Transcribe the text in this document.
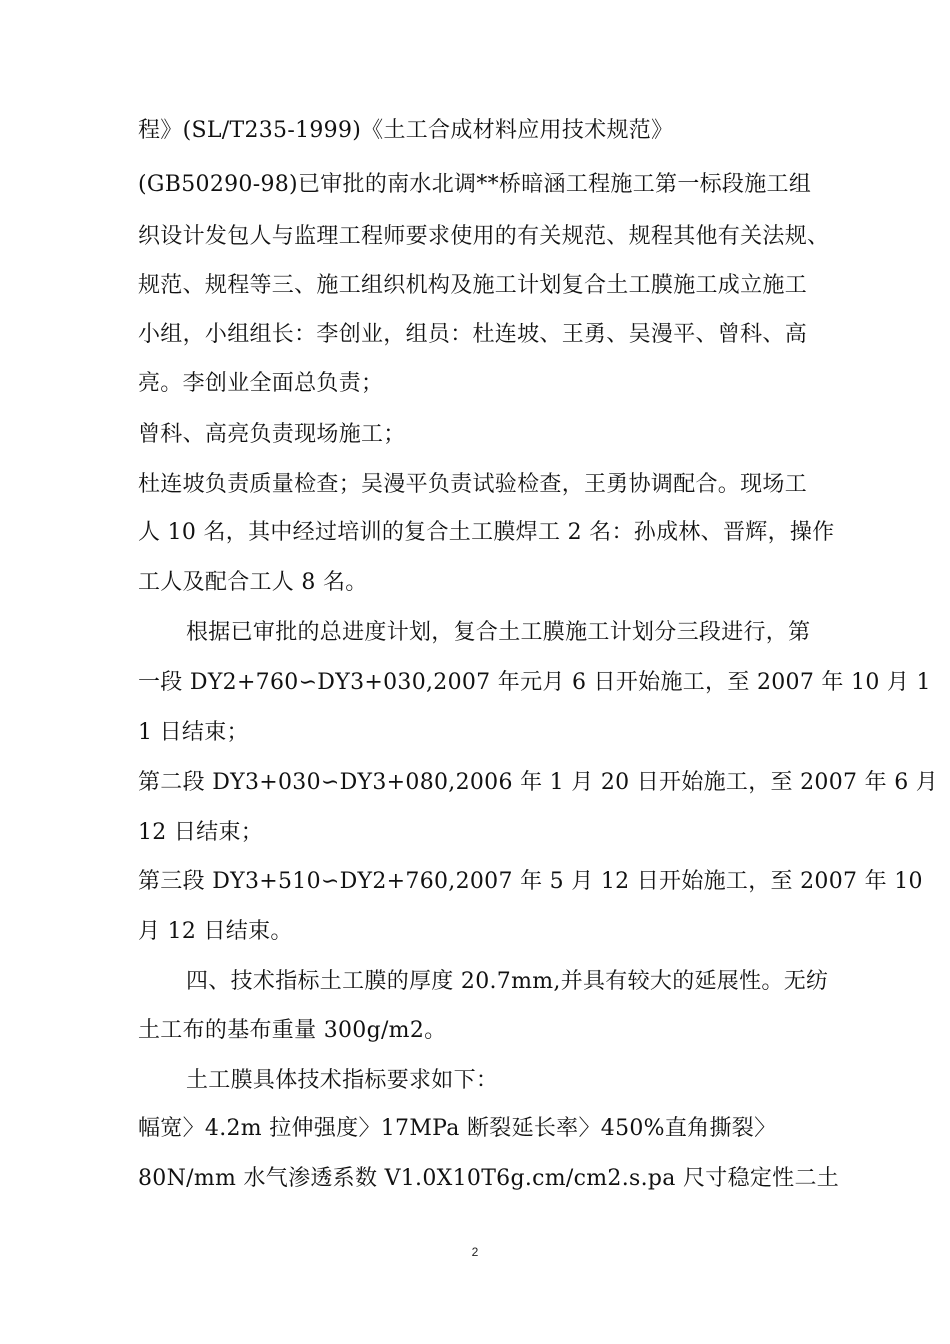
程》(SL/T235-1999)《土工合成材料应用技术规范》
(GB50290-98)已审批的南水北调**桥暗涵工程施工第一标段施工组
织设计发包人与监理工程师要求使用的有关规范、规程其他有关法规、
规范、规程等三、施工组织机构及施工计划复合土工膜施工成立施工
小组，小组组长：李创业，组员：杜连坡、王勇、吴漫平、曾科、高
亮。李创业全面总负责；
曾科、高亮负责现场施工；
杜连坡负责质量检查；吴漫平负责试验检查，王勇协调配合。现场工
人 10 名，其中经过培训的复合土工膜焊工 2 名：孙成林、晋辉，操作
工人及配合工人 8 名。
根据已审批的总进度计划，复合土工膜施工计划分三段进行，第
一段 DY2+760∽DY3+030,2007 年元月 6 日开始施工，至 2007 年 10 月 1
1 日结束；
第二段 DY3+030∽DY3+080,2006 年 1 月 20 日开始施工，至 2007 年 6 月
12 日结束；
第三段 DY3+510∽DY2+760,2007 年 5 月 12 日开始施工，至 2007 年 10
月 12 日结束。
四、技术指标土工膜的厚度 20.7mm,并具有较大的延展性。无纺
土工布的基布重量 300g/m2。
土工膜具体技术指标要求如下：
幅宽〉4.2m 拉伸强度〉17MPa 断裂延长率〉450%直角撕裂〉
80N/mm 水气渗透系数 V1.0X10T6g.cm/cm2.s.pa 尺寸稳定性二土
2
